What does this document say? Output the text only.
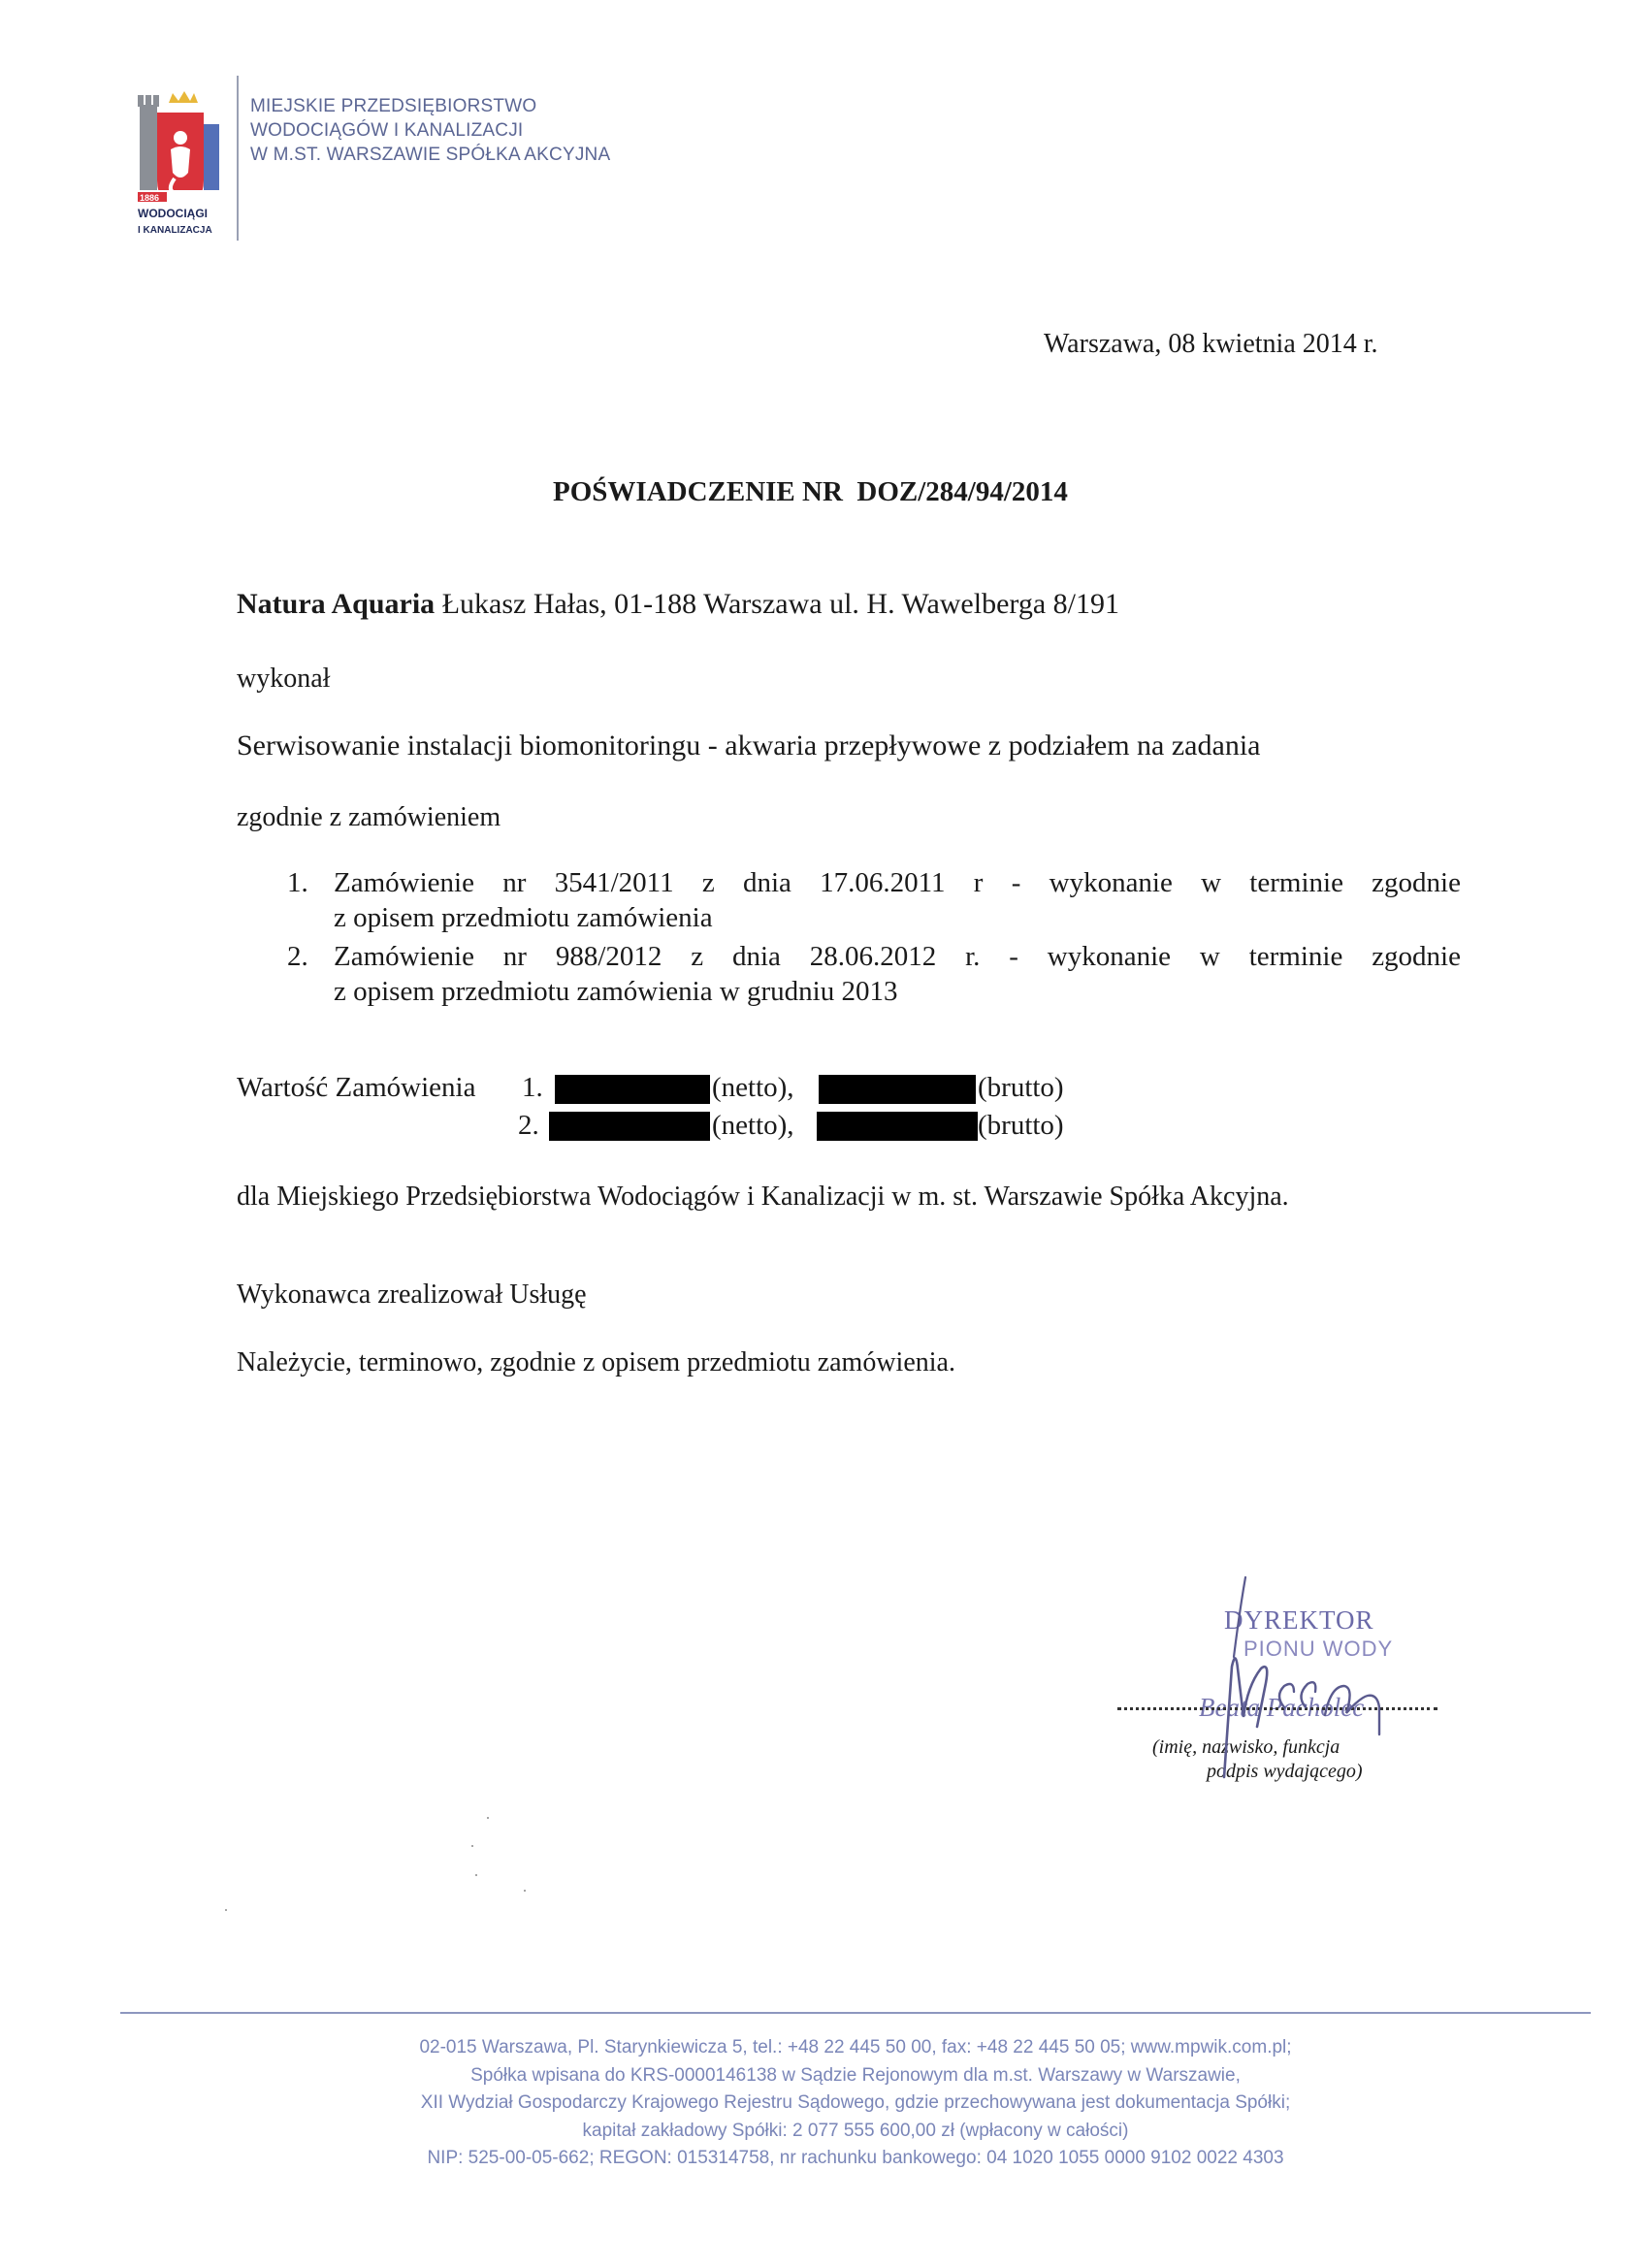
1886
WODOCIĄGI
I KANALIZACJA
MIEJSKIE PRZEDSIĘBIORSTWO
WODOCIĄGÓW I KANALIZACJI
W M.ST. WARSZAWIE SPÓŁKA AKCYJNA
Warszawa, 08 kwietnia 2014 r.
POŚWIADCZENIE NR  DOZ/284/94/2014
Natura Aquaria Łukasz Hałas, 01-188 Warszawa ul. H. Wawelberga 8/191
wykonał
Serwisowanie instalacji biomonitoringu - akwaria przepływowe z podziałem na zadania
zgodnie z zamówieniem
1. Zamówienie nr 3541/2011 z dnia 17.06.2011 r - wykonanie w terminie zgodnie
z opisem przedmiotu zamówienia
2. Zamówienie nr 988/2012 z dnia 28.06.2012 r. - wykonanie w terminie zgodnie
z opisem przedmiotu zamówienia w grudniu 2013
Wartość Zamówienia 1.	(netto),	(brutto)
2.	(netto),	(brutto)
dla Miejskiego Przedsiębiorstwa Wodociągów i Kanalizacji w m. st. Warszawie Spółka Akcyjna.
Wykonawca zrealizował Usługę
Należycie, terminowo, zgodnie z opisem przedmiotu zamówienia.
DYREKTOR
PIONU WODY
Beata Pacholec
(imię, nazwisko, funkcja
podpis wydającego)
02-015 Warszawa, Pl. Starynkiewicza 5, tel.: +48 22 445 50 00, fax: +48 22 445 50 05; www.mpwik.com.pl;
Spółka wpisana do KRS-0000146138 w Sądzie Rejonowym dla m.st. Warszawy w Warszawie,
XII Wydział Gospodarczy Krajowego Rejestru Sądowego, gdzie przechowywana jest dokumentacja Spółki;
kapitał zakładowy Spółki: 2 077 555 600,00 zł (wpłacony w całości)
NIP: 525-00-05-662; REGON: 015314758, nr rachunku bankowego: 04 1020 1055 0000 9102 0022 4303
